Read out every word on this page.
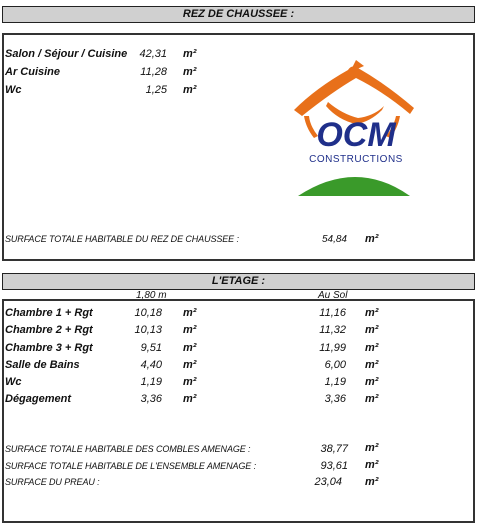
REZ DE CHAUSSEE :
Salon / Séjour / Cuisine	42,31 m²
Ar Cuisine	11,28 m²
Wc	1,25 m²
OCM
CONSTRUCTIONS
SURFACE TOTALE HABITABLE DU REZ DE CHAUSSEE :	54,84 m²
L'ETAGE :
1,80 m	Au Sol
Chambre 1 + Rgt	10,18 m²	11,16 m²
Chambre 2 + Rgt	10,13 m²	11,32 m²
Chambre 3 + Rgt	9,51 m²	11,99 m²
Salle de Bains	4,40 m²	6,00 m²
Wc	1,19 m²	1,19 m²
Dégagement	3,36 m²	3,36 m²
SURFACE TOTALE HABITABLE DES COMBLES AMENAGE :	38,77 m²
SURFACE TOTALE HABITABLE DE L'ENSEMBLE AMENAGE :	93,61 m²
SURFACE DU PREAU :	23,04 m²
